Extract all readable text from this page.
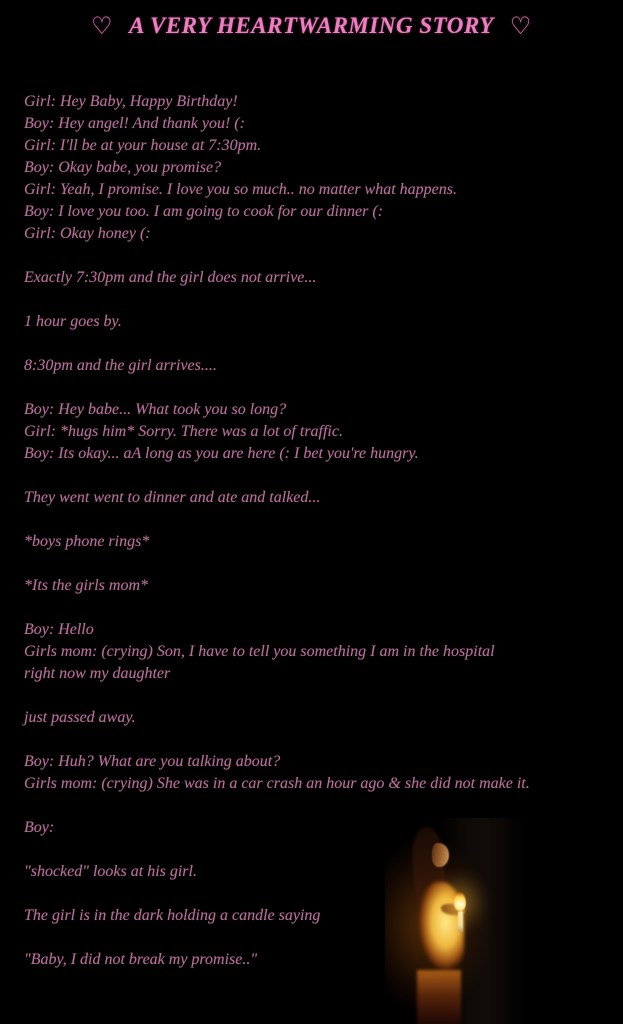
♡ A VERY HEARTWARMING STORY ♡
Girl: Hey Baby, Happy Birthday!
Boy: Hey angel! And thank you! (:
Girl: I'll be at your house at 7:30pm.
Boy: Okay babe, you promise?
Girl: Yeah, I promise. I love you so much.. no matter what happens.
Boy: I love you too. I am going to cook for our dinner (:
Girl: Okay honey (:
Exactly 7:30pm and the girl does not arrive...
1 hour goes by.
8:30pm and the girl arrives....
Boy: Hey babe... What took you so long?
Girl: *hugs him* Sorry. There was a lot of traffic.
Boy: Its okay... aA long as you are here (: I bet you're hungry.
They went went to dinner and ate and talked...
*boys phone rings*
*Its the girls mom*
Boy: Hello
Girls mom: (crying) Son, I have to tell you something I am in the hospital
right now my daughter
just passed away.
Boy: Huh? What are you talking about?
Girls mom: (crying) She was in a car crash an hour ago & she did not make it.
Boy:
"shocked" looks at his girl.
The girl is in the dark holding a candle saying
"Baby, I did not break my promise.."
